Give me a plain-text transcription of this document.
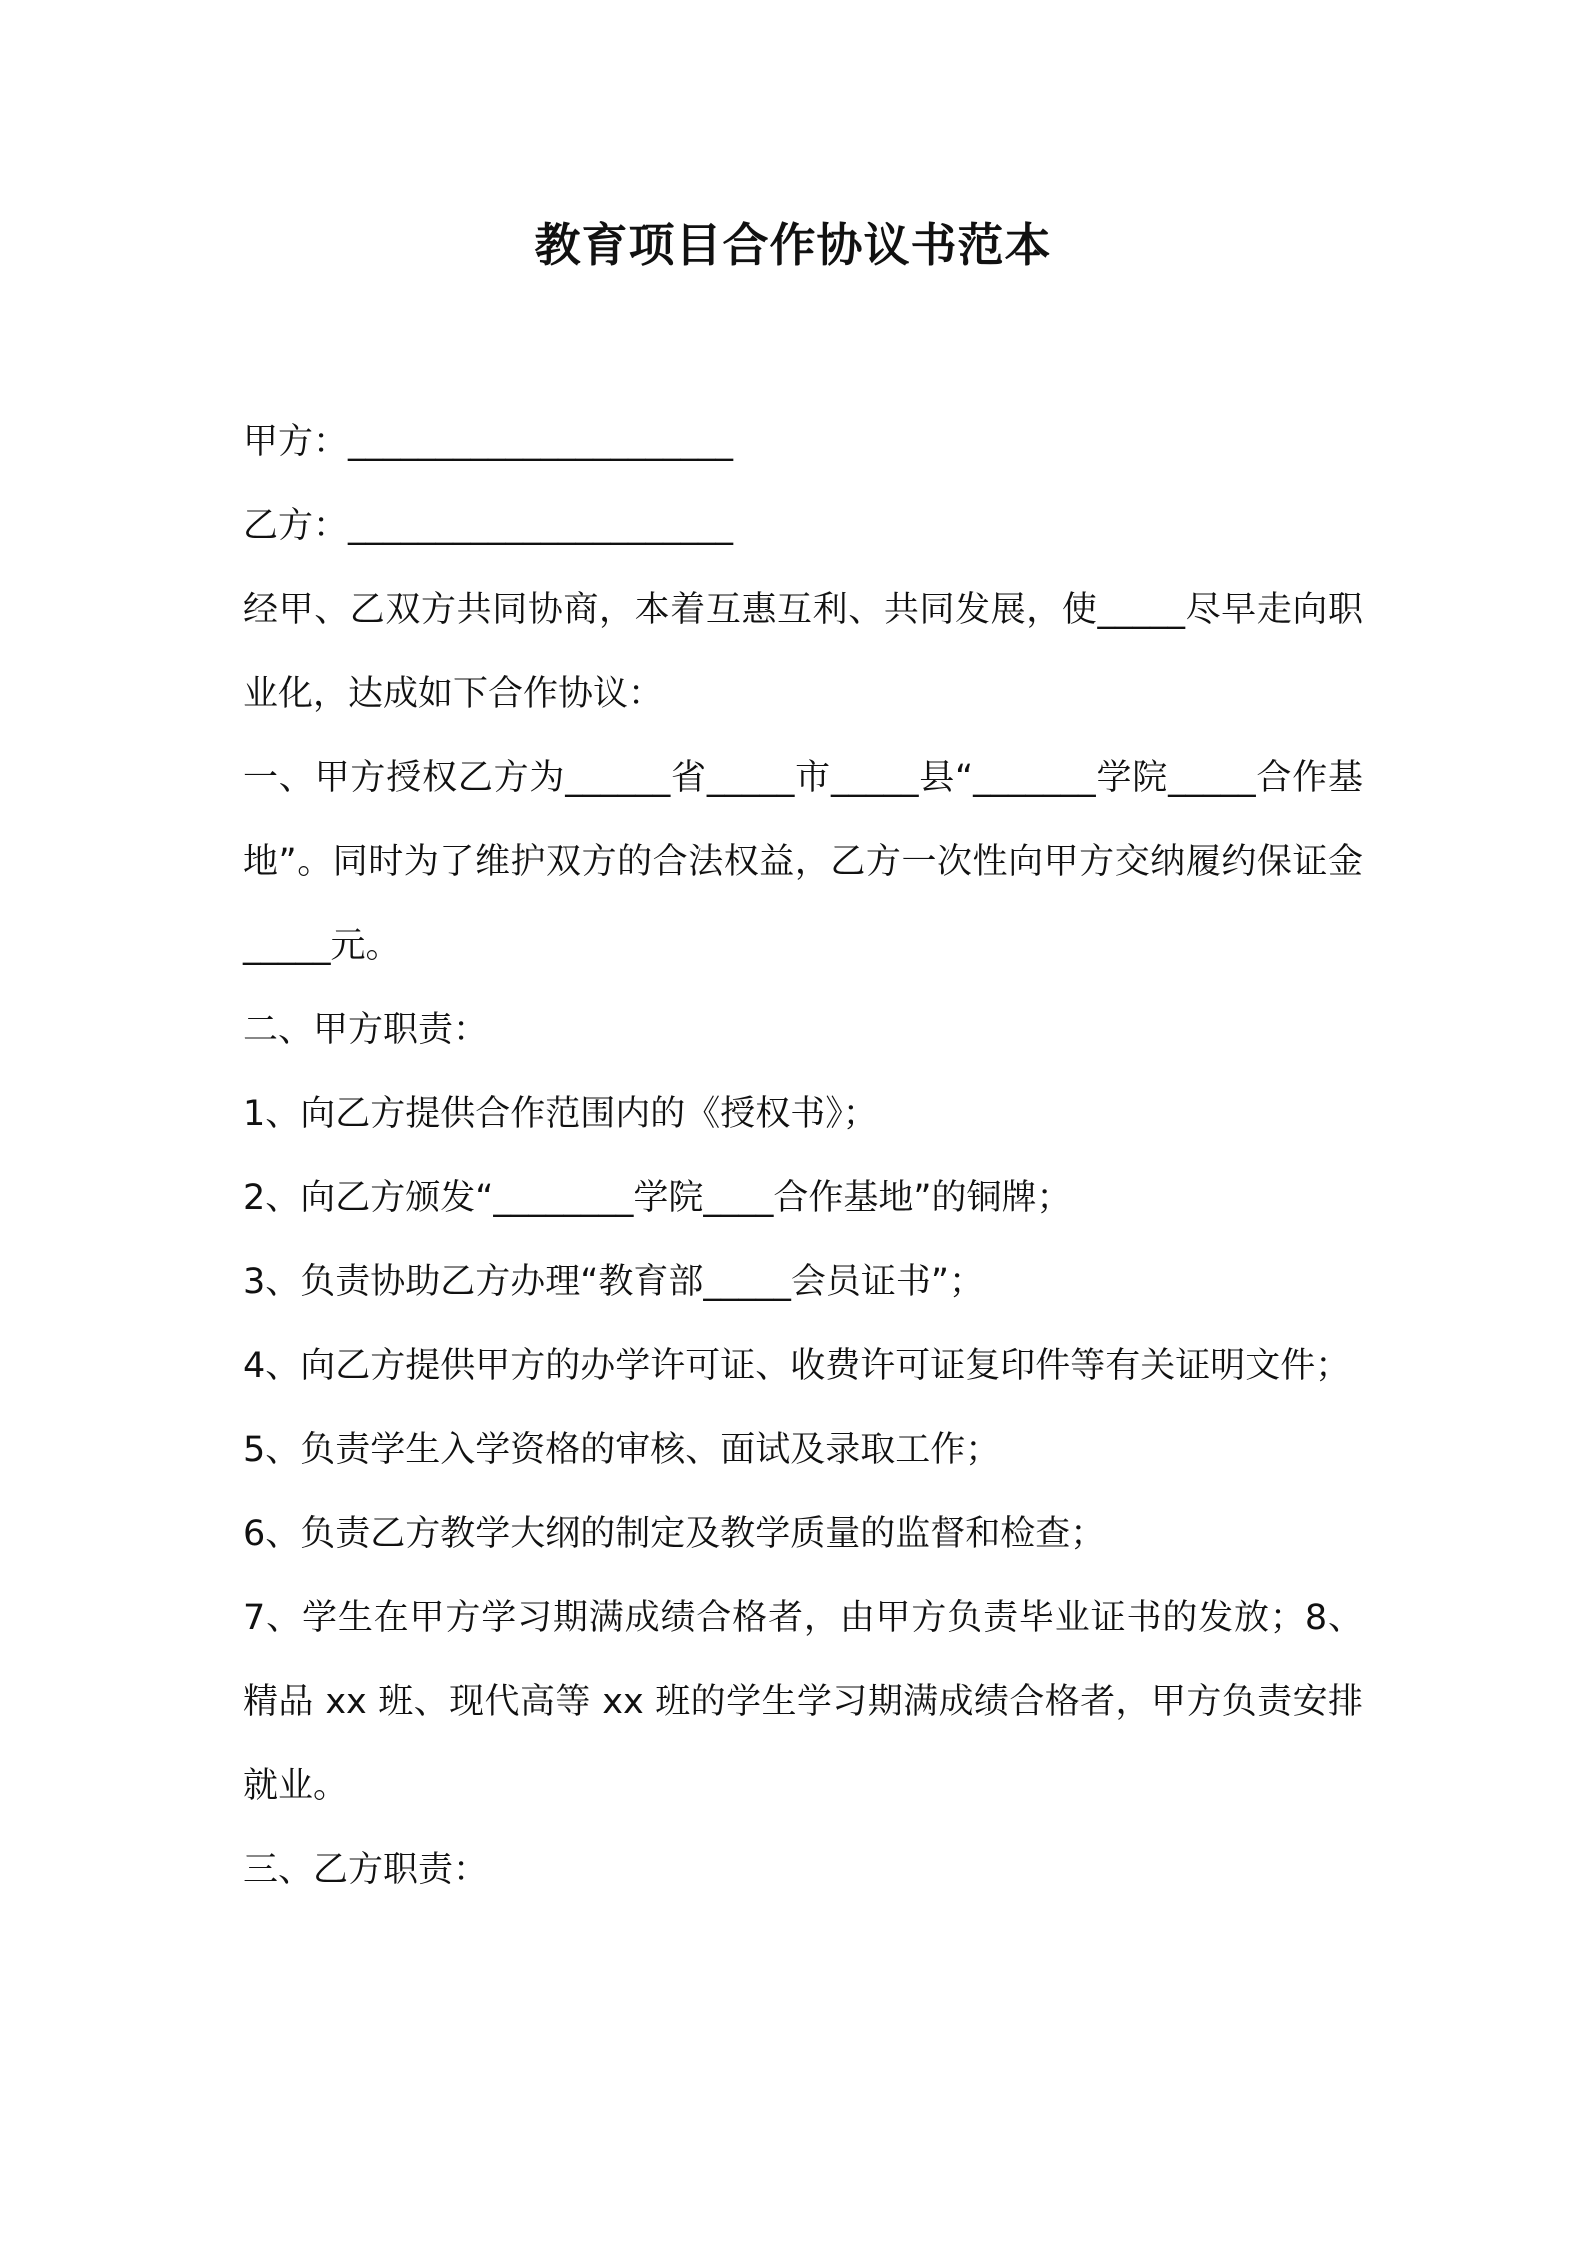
教育项目合作协议书范本

甲方：______________________

乙方：______________________

经甲、乙双方共同协商，本着互惠互利、共同发展，使_____尽早走向职业化，达成如下合作协议：

一、甲方授权乙方为______省_____市_____县“_______学院_____合作基地”。同时为了维护双方的合法权益，乙方一次性向甲方交纳履约保证金_____元。

二、甲方职责：

1、向乙方提供合作范围内的《授权书》；

2、向乙方颁发“________学院____合作基地”的铜牌；

3、负责协助乙方办理“教育部_____会员证书”；

4、向乙方提供甲方的办学许可证、收费许可证复印件等有关证明文件；

5、负责学生入学资格的审核、面试及录取工作；

6、负责乙方教学大纲的制定及教学质量的监督和检查；

7、学生在甲方学习期满成绩合格者，由甲方负责毕业证书的发放；8、精品 xx 班、现代高等 xx 班的学生学习期满成绩合格者，甲方负责安排就业。

三、乙方职责：
